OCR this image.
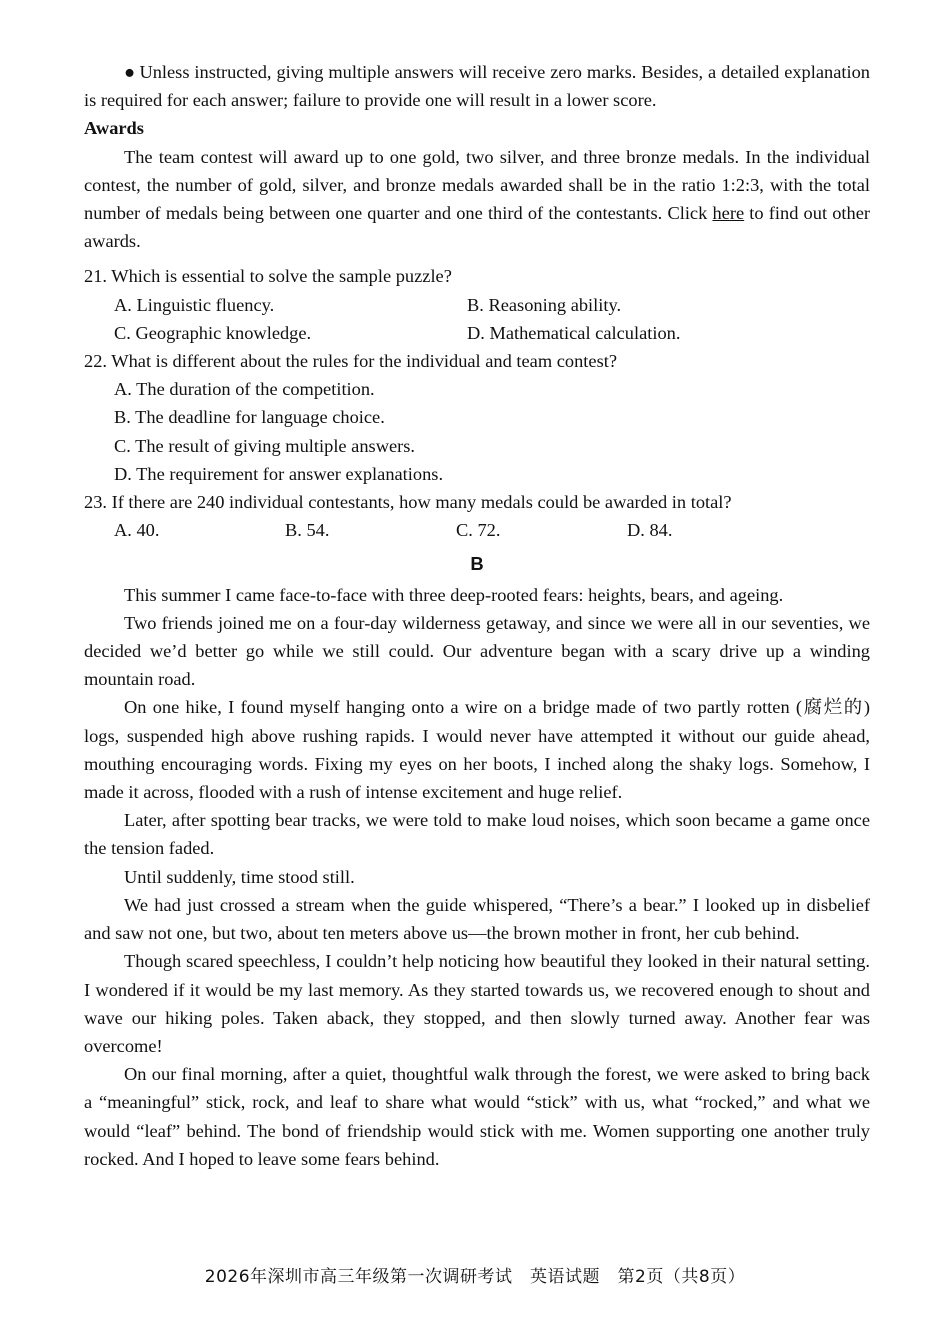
● Unless instructed, giving multiple answers will receive zero marks. Besides, a detailed explanation is required for each answer; failure to provide one will result in a lower score.

Awards

The team contest will award up to one gold, two silver, and three bronze medals. In the individual contest, the number of gold, silver, and bronze medals awarded shall be in the ratio 1:2:3, with the total number of medals being between one quarter and one third of the contestants. Click here to find out other awards.

21. Which is essential to solve the sample puzzle?

A. Linguistic fluency.	B. Reasoning ability.
C. Geographic knowledge.	D. Mathematical calculation.

22. What is different about the rules for the individual and team contest?

A. The duration of the competition.
B. The deadline for language choice.
C. The result of giving multiple answers.
D. The requirement for answer explanations.

23. If there are 240 individual contestants, how many medals could be awarded in total?

A. 40.	B. 54.	C. 72.	D. 84.
B

This summer I came face-to-face with three deep-rooted fears: heights, bears, and ageing.

Two friends joined me on a four-day wilderness getaway, and since we were all in our seventies, we decided we’d better go while we still could. Our adventure began with a scary drive up a winding mountain road.

On one hike, I found myself hanging onto a wire on a bridge made of two partly rotten (腐烂的) logs, suspended high above rushing rapids. I would never have attempted it without our guide ahead, mouthing encouraging words. Fixing my eyes on her boots, I inched along the shaky logs. Somehow, I made it across, flooded with a rush of intense excitement and huge relief.

Later, after spotting bear tracks, we were told to make loud noises, which soon became a game once the tension faded.

Until suddenly, time stood still.

We had just crossed a stream when the guide whispered, “There’s a bear.” I looked up in disbelief and saw not one, but two, about ten meters above us—the brown mother in front, her cub behind.

Though scared speechless, I couldn’t help noticing how beautiful they looked in their natural setting. I wondered if it would be my last memory. As they started towards us, we recovered enough to shout and wave our hiking poles. Taken aback, they stopped, and then slowly turned away. Another fear was overcome!

On our final morning, after a quiet, thoughtful walk through the forest, we were asked to bring back a “meaningful” stick, rock, and leaf to share what would “stick” with us, what “rocked,” and what we would “leaf” behind. The bond of friendship would stick with me. Women supporting one another truly rocked. And I hoped to leave some fears behind.

2026年深圳市高三年级第一次调研考试　英语试题　第2页（共8页）
